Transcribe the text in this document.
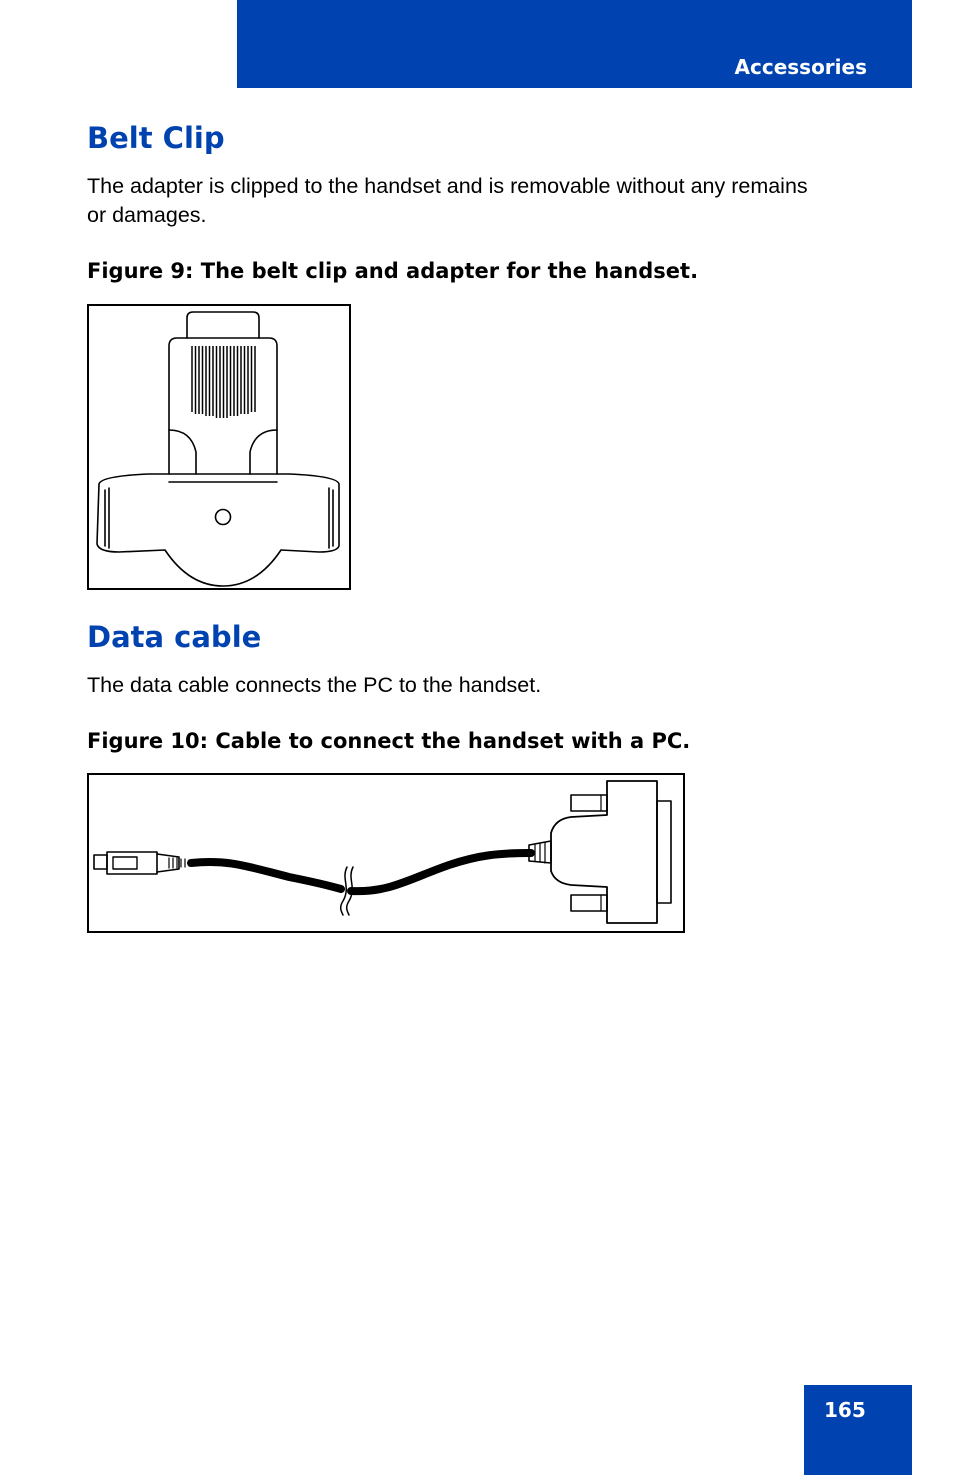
Accessories
Belt Clip

The adapter is clipped to the handset and is removable without any remains or damages.

Figure 9: The belt clip and adapter for the handset.

Data cable

The data cable connects the PC to the handset.

Figure 10: Cable to connect the handset with a PC.

165
